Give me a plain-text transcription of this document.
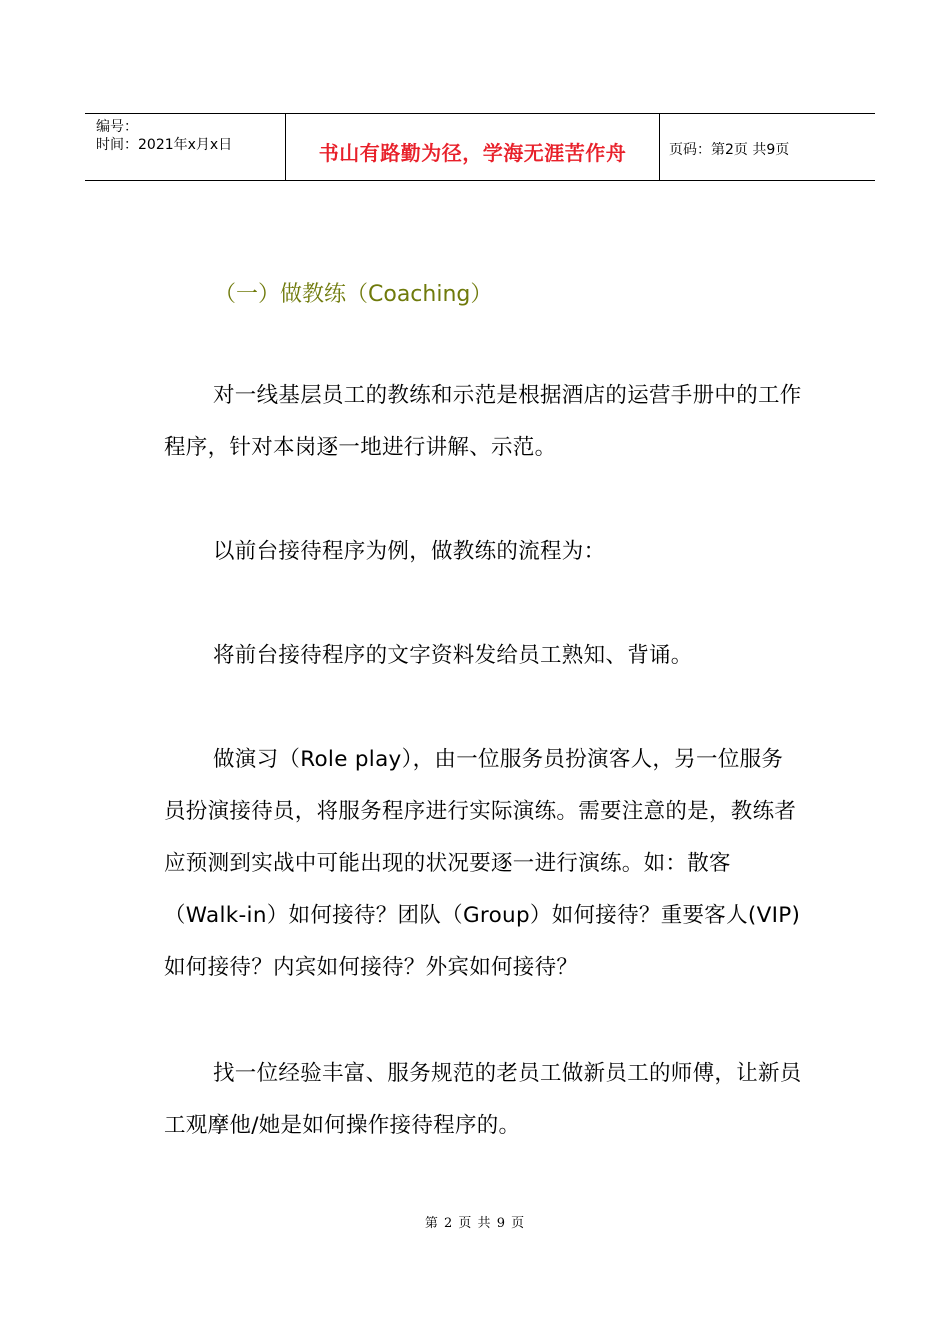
编号：
时间：2021年x月x日	书山有路勤为径，学海无涯苦作舟	页码：第2页 共9页
（一）做教练（Coaching）

对一线基层员工的教练和示范是根据酒店的运营手册中的工作程序，针对本岗逐一地进行讲解、示范。

以前台接待程序为例，做教练的流程为：

将前台接待程序的文字资料发给员工熟知、背诵。

做演习（Role play），由一位服务员扮演客人，另一位服务员扮演接待员，将服务程序进行实际演练。需要注意的是，教练者应预测到实战中可能出现的状况要逐一进行演练。如：散客（Walk-in）如何接待？团队（Group）如何接待？重要客人(VIP)如何接待？内宾如何接待？外宾如何接待？

找一位经验丰富、服务规范的老员工做新员工的师傅，让新员工观摩他/她是如何操作接待程序的。

第 2 页 共 9 页
